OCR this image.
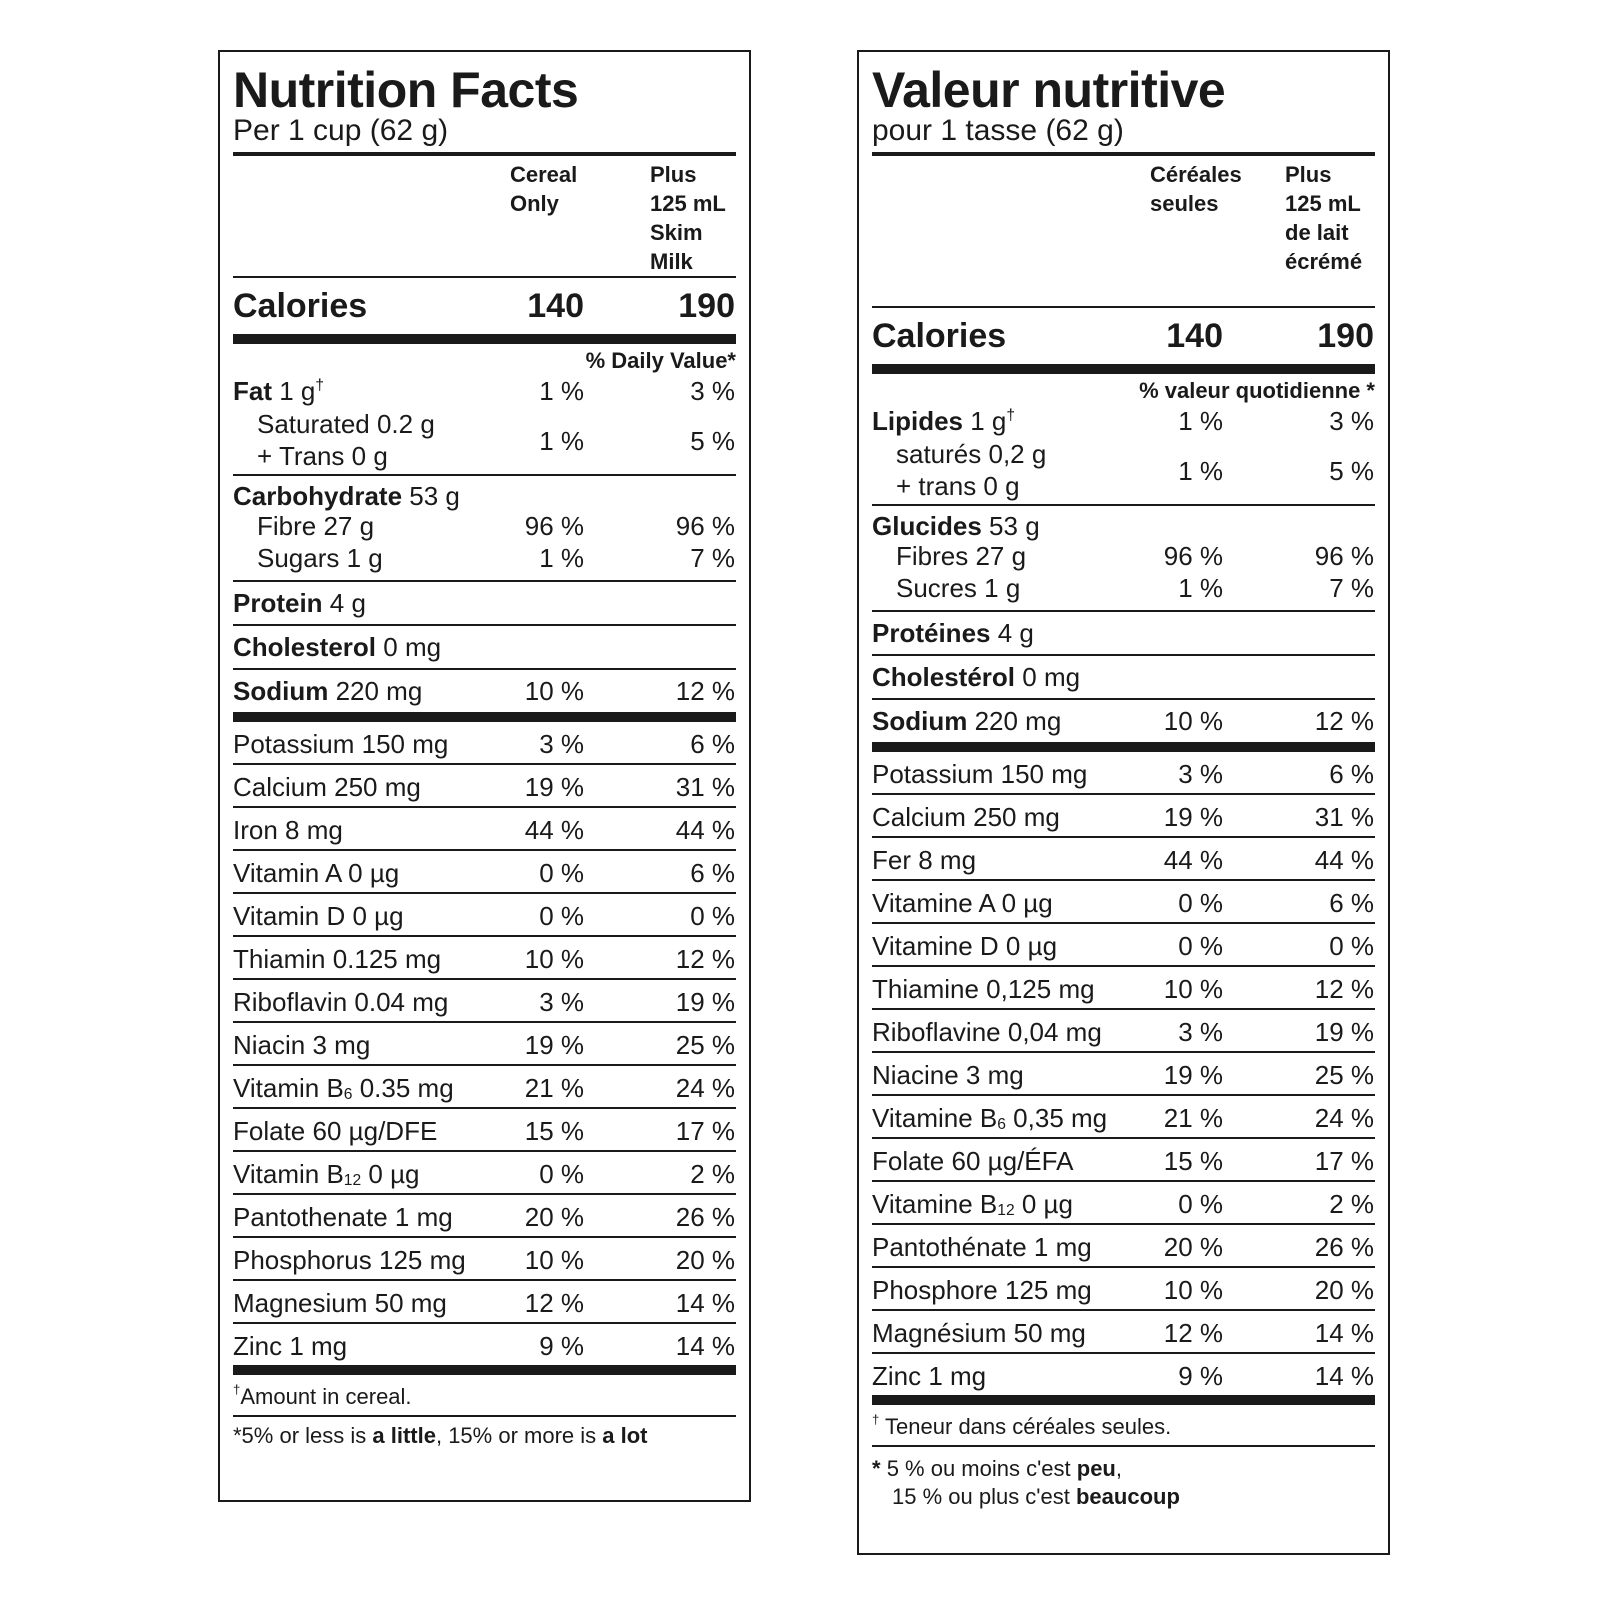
Nutrition Facts
Per 1 cup (62 g)
Cereal
Only
Plus
125 mL
Skim
Milk
Calories	140	190
% Daily Value*
Fat 1 g†	1 %	3 %
Saturated 0.2 g
+ Trans 0 g	1 %	5 %
Carbohydrate 53 g
Fibre 27 g	96 %	96 %
Sugars 1 g	1 %	7 %
Protein 4 g
Cholesterol 0 mg
Sodium 220 mg	10 %	12 %
Potassium 150 mg	3 %	6 %
Calcium 250 mg	19 %	31 %
Iron 8 mg	44 %	44 %
Vitamin A 0 µg	0 %	6 %
Vitamin D 0 µg	0 %	0 %
Thiamin 0.125 mg	10 %	12 %
Riboflavin 0.04 mg	3 %	19 %
Niacin 3 mg	19 %	25 %
Vitamin $B_6$ 0.35 mg	21 %	24 %
Folate 60 µg/DFE	15 %	17 %
Vitamin $B_{12}$ 0 µg	0 %	2 %
Pantothenate 1 mg	20 %	26 %
Phosphorus 125 mg	10 %	20 %
Magnesium 50 mg	12 %	14 %
Zinc 1 mg	9 %	14 %
†Amount in cereal.
*5% or less is a little, 15% or more is a lot
Valeur nutritive
pour 1 tasse (62 g)
Céréales
seules
Plus
125 mL
de lait
écrémé
Calories	140	190
% valeur quotidienne *
Lipides 1 g†	1 %	3 %
saturés 0,2 g
+ trans 0 g	1 %	5 %
Glucides 53 g
Fibres 27 g	96 %	96 %
Sucres 1 g	1 %	7 %
Protéines 4 g
Cholestérol 0 mg
Sodium 220 mg	10 %	12 %
Potassium 150 mg	3 %	6 %
Calcium 250 mg	19 %	31 %
Fer 8 mg	44 %	44 %
Vitamine A 0 µg	0 %	6 %
Vitamine D 0 µg	0 %	0 %
Thiamine 0,125 mg	10 %	12 %
Riboflavine 0,04 mg	3 %	19 %
Niacine 3 mg	19 %	25 %
Vitamine $B_6$ 0,35 mg	21 %	24 %
Folate 60 µg/ÉFA	15 %	17 %
Vitamine $B_{12}$ 0 µg	0 %	2 %
Pantothénate 1 mg	20 %	26 %
Phosphore 125 mg	10 %	20 %
Magnésium 50 mg	12 %	14 %
Zinc 1 mg	9 %	14 %
† Teneur dans céréales seules.
* 5 % ou moins c'est peu,
15 % ou plus c'est beaucoup
